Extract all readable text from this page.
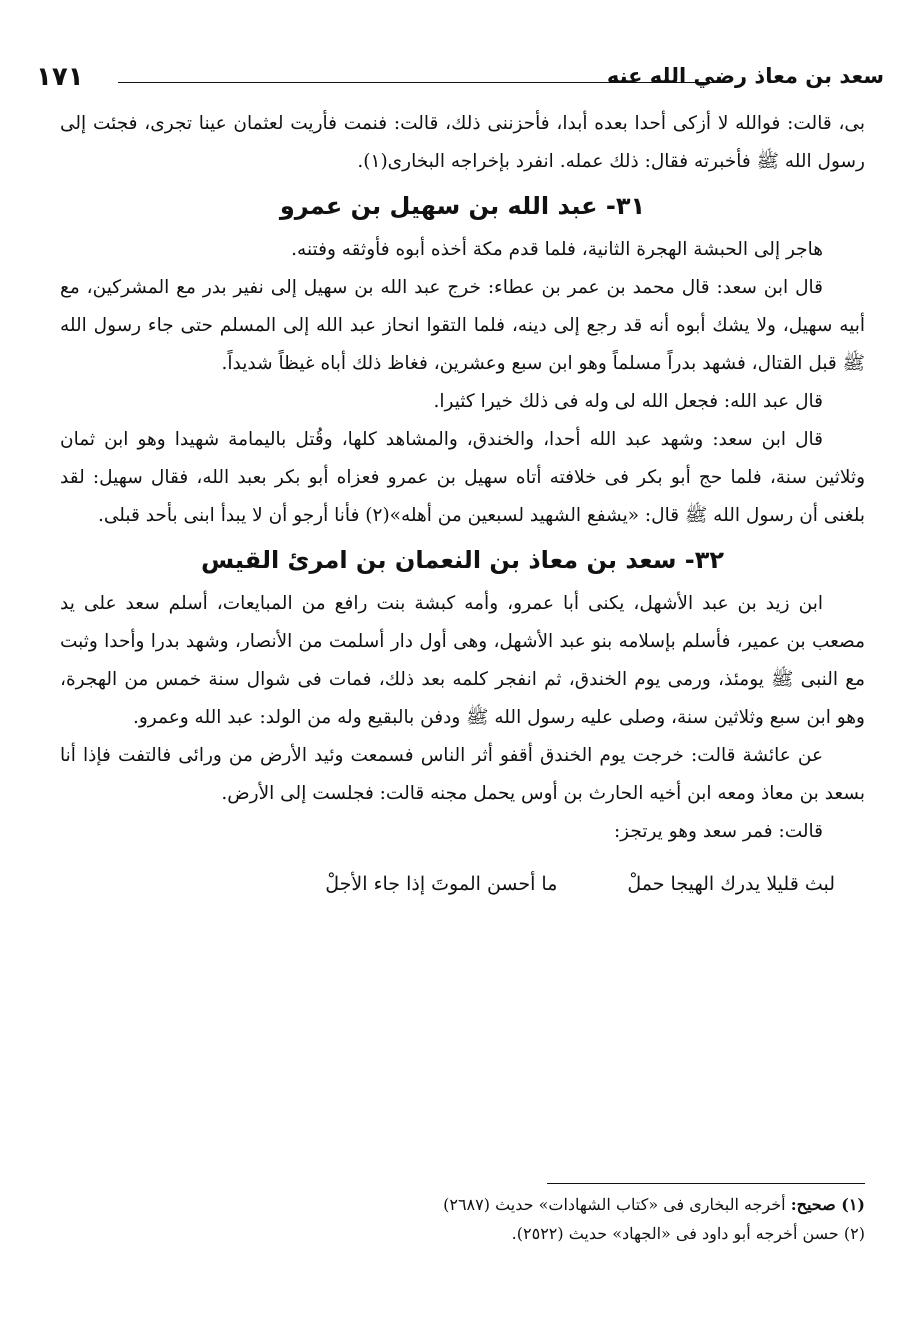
١٧١	سعد بن معاذ رضي الله عنه

بى، قالت: فوالله لا أزكى أحدا بعده أبدا، فأحزننى ذلك، قالت: فنمت فأريت لعثمان عينا تجرى، فجئت إلى رسول الله ﷺ فأخبرته فقال: ذلك عمله. انفرد بإخراجه البخارى(١).

٣١- عبد الله بن سهيل بن عمرو

هاجر إلى الحبشة الهجرة الثانية، فلما قدم مكة أخذه أبوه فأوثقه وفتنه.

قال ابن سعد: قال محمد بن عمر بن عطاء: خرج عبد الله بن سهيل إلى نفير بدر مع المشركين، مع أبيه سهيل، ولا يشك أبوه أنه قد رجع إلى دينه، فلما التقوا انحاز عبد الله إلى المسلم حتى جاء رسول الله ﷺ قبل القتال، فشهد بدراً مسلماً وهو ابن سبع وعشرين، فغاظ ذلك أباه غيظاً شديداً.

قال عبد الله: فجعل الله لى وله فى ذلك خيرا كثيرا.

قال ابن سعد: وشهد عبد الله أحدا، والخندق، والمشاهد كلها، وقُتل باليمامة شهيدا وهو ابن ثمان وثلاثين سنة، فلما حج أبو بكر فى خلافته أتاه سهيل بن عمرو فعزاه أبو بكر بعبد الله، فقال سهيل: لقد بلغنى أن رسول الله ﷺ قال: «يشفع الشهيد لسبعين من أهله»(٢) فأنا أرجو أن لا يبدأ ابنى بأحد قبلى.

٣٢- سعد بن معاذ بن النعمان بن امرئ القيس

ابن زيد بن عبد الأشهل، يكنى أبا عمرو، وأمه كبشة بنت رافع من المبايعات، أسلم سعد على يد مصعب بن عمير، فأسلم بإسلامه بنو عبد الأشهل، وهى أول دار أسلمت من الأنصار، وشهد بدرا وأحدا وثبت مع النبى ﷺ يومئذ، ورمى يوم الخندق، ثم انفجر كلمه بعد ذلك، فمات فى شوال سنة خمس من الهجرة، وهو ابن سبع وثلاثين سنة، وصلى عليه رسول الله ﷺ ودفن بالبقيع وله من الولد: عبد الله وعمرو.

عن عائشة قالت: خرجت يوم الخندق أقفو أثر الناس فسمعت وئيد الأرض من ورائى فالتفت فإذا أنا بسعد بن معاذ ومعه ابن أخيه الحارث بن أوس يحمل مجنه قالت: فجلست إلى الأرض.

قالت: فمر سعد وهو يرتجز:

لبث قليلا يدرك الهيجا حملْ
ما أحسن الموتَ إذا جاء الأجلْ

(١) صحيح: أخرجه البخارى فى «كتاب الشهادات» حديث (٢٦٨٧)

(٢) حسن أخرجه أبو داود فى «الجهاد» حديث (٢٥٢٢).
